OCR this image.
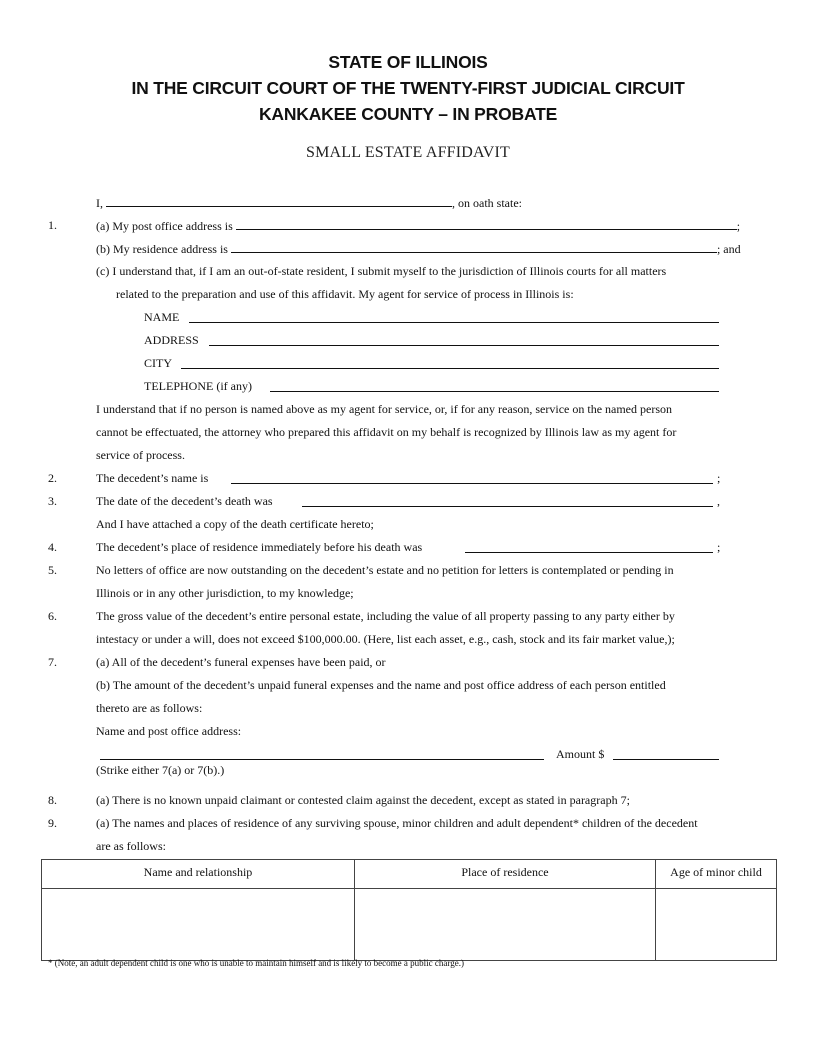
STATE OF ILLINOIS
IN THE CIRCUIT COURT OF THE TWENTY-FIRST JUDICIAL CIRCUIT
KANKAKEE COUNTY – IN PROBATE
SMALL ESTATE AFFIDAVIT
I,	, on oath state:
1.	(a) My post office address is	;
(b) My residence address is	; and
(c) I understand that, if I am an out-of-state resident, I submit myself to the jurisdiction of Illinois courts for all matters
related to the preparation and use of this affidavit. My agent for service of process in Illinois is:
NAME
ADDRESS
CITY
TELEPHONE (if any)
I understand that if no person is named above as my agent for service, or, if for any reason, service on the named person
cannot be effectuated, the attorney who prepared this affidavit on my behalf is recognized by Illinois law as my agent for
service of process.
2.	The decedent’s name is	;
3.	The date of the decedent’s death was	,
And I have attached a copy of the death certificate hereto;
4.	The decedent’s place of residence immediately before his death was	;
5.	No letters of office are now outstanding on the decedent’s estate and no petition for letters is contemplated or pending in
Illinois or in any other jurisdiction, to my knowledge;
6.	The gross value of the decedent’s entire personal estate, including the value of all property passing to any party either by
intestacy or under a will, does not exceed $100,000.00. (Here, list each asset, e.g., cash, stock and its fair market value,);
7.	(a) All of the decedent’s funeral expenses have been paid, or
(b) The amount of the decedent’s unpaid funeral expenses and the name and post office address of each person entitled
thereto are as follows:
Name and post office address:
Amount $
(Strike either 7(a) or 7(b).)
8.	(a) There is no known unpaid claimant or contested claim against the decedent, except as stated in paragraph 7;
9.	(a) The names and places of residence of any surviving spouse, minor children and adult dependent* children of the decedent
are as follows:
Name and relationship	Place of residence	Age of minor child

* (Note, an adult dependent child is one who is unable to maintain himself and is likely to become a public charge.)
